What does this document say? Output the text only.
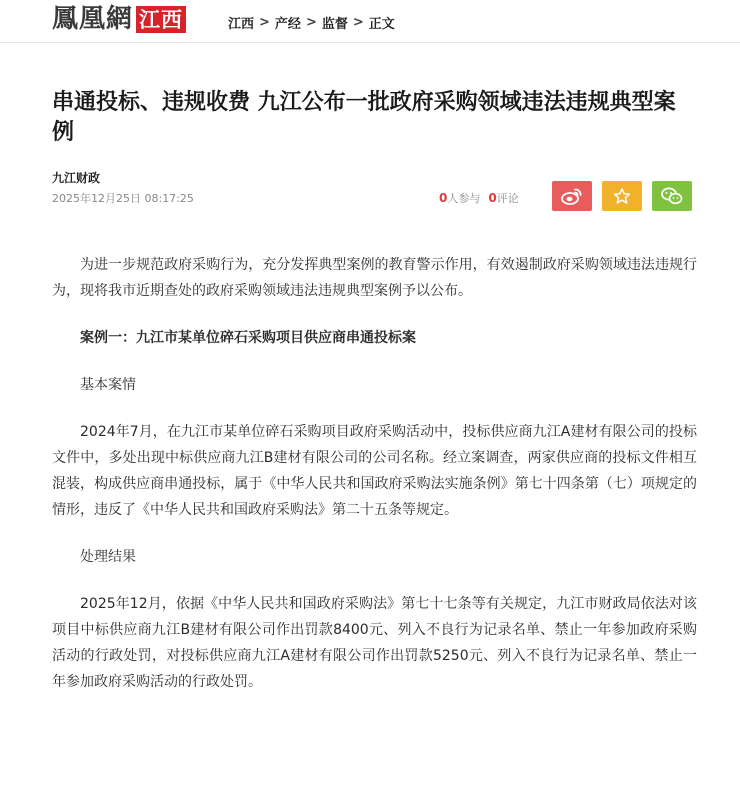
鳳凰網 江西	江西 > 产经 > 监督 > 正文
串通投标、违规收费 九江公布一批政府采购领域违法违规典型案例
九江财政
2025年12月25日 08:17:25	0 人参与 0 评论

为进一步规范政府采购行为，充分发挥典型案例的教育警示作用，有效遏制政府采购领域违法违规行为，现将我市近期查处的政府采购领域违法违规典型案例予以公布。

案例一：九江市某单位碎石采购项目供应商串通投标案

基本案情

2024年7月，在九江市某单位碎石采购项目政府采购活动中，投标供应商九江A建材有限公司的投标文件中，多处出现中标供应商九江B建材有限公司的公司名称。经立案调查，两家供应商的投标文件相互混装，构成供应商串通投标，属于《中华人民共和国政府采购法实施条例》第七十四条第（七）项规定的情形，违反了《中华人民共和国政府采购法》第二十五条等规定。

处理结果

2025年12月，依据《中华人民共和国政府采购法》第七十七条等有关规定，九江市财政局依法对该项目中标供应商九江B建材有限公司作出罚款8400元、列入不良行为记录名单、禁止一年参加政府采购活动的行政处罚，对投标供应商九江A建材有限公司作出罚款5250元、列入不良行为记录名单、禁止一年参加政府采购活动的行政处罚。
